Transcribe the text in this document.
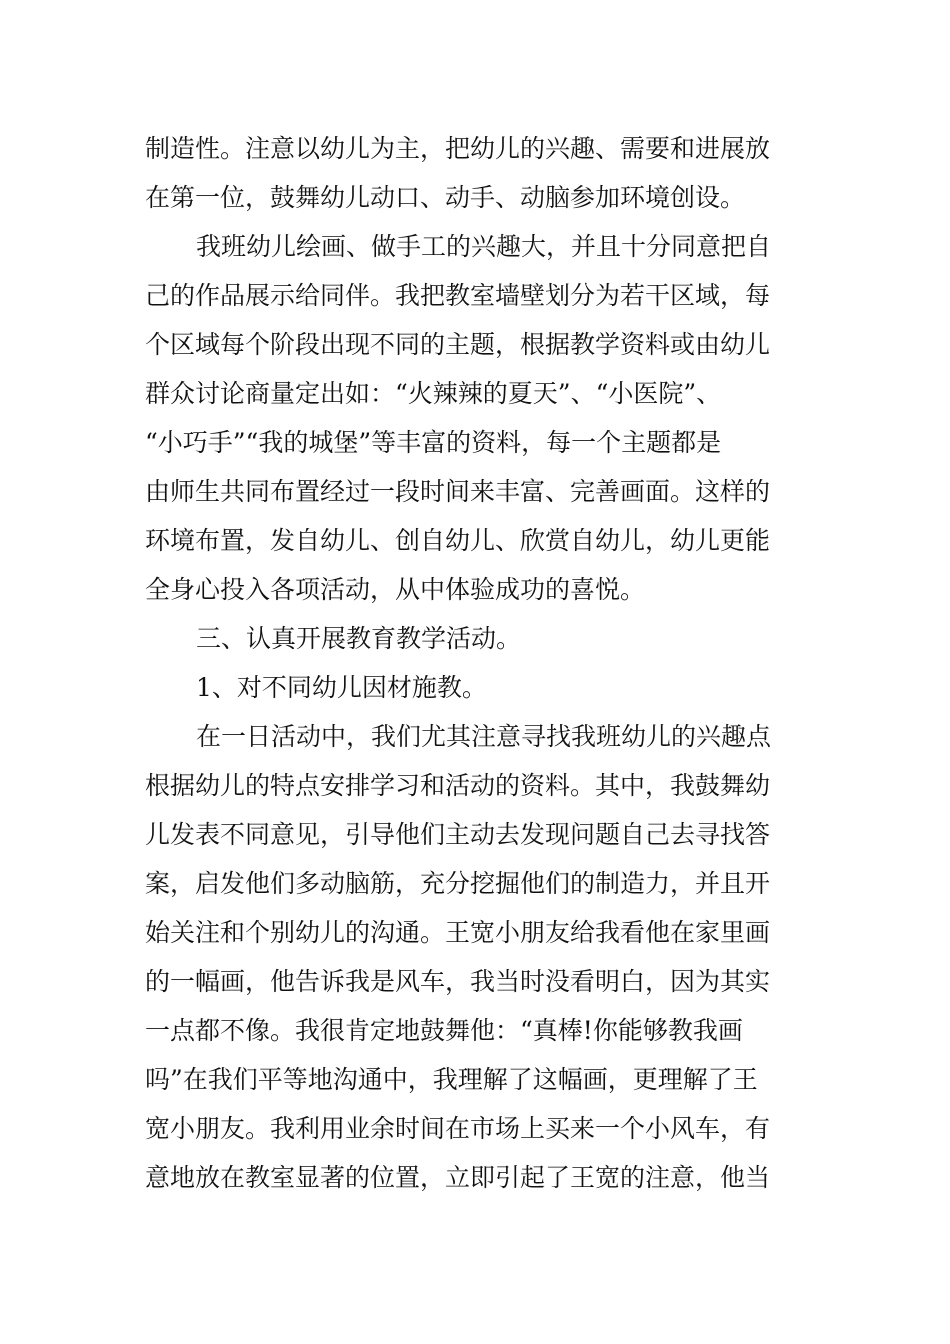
制造性。注意以幼儿为主，把幼儿的兴趣、需要和进展放
在第一位，鼓舞幼儿动口、动手、动脑参加环境创设。
我班幼儿绘画、做手工的兴趣大，并且十分同意把自
己的作品展示给同伴。我把教室墙壁划分为若干区域，每
个区域每个阶段出现不同的主题，根据教学资料或由幼儿
群众讨论商量定出如：“火辣辣的夏天”、“小医院”、
“小巧手”“我的城堡”等丰富的资料，每一个主题都是
由师生共同布置经过一段时间来丰富、完善画面。这样的
环境布置，发自幼儿、创自幼儿、欣赏自幼儿，幼儿更能
全身心投入各项活动，从中体验成功的喜悦。
三、认真开展教育教学活动。
1、对不同幼儿因材施教。
在一日活动中，我们尤其注意寻找我班幼儿的兴趣点
根据幼儿的特点安排学习和活动的资料。其中，我鼓舞幼
儿发表不同意见，引导他们主动去发现问题自己去寻找答
案，启发他们多动脑筋，充分挖掘他们的制造力，并且开
始关注和个别幼儿的沟通。王宽小朋友给我看他在家里画
的一幅画，他告诉我是风车，我当时没看明白，因为其实
一点都不像。我很肯定地鼓舞他：“真棒!你能够教我画
吗”在我们平等地沟通中，我理解了这幅画，更理解了王
宽小朋友。我利用业余时间在市场上买来一个小风车，有
意地放在教室显著的位置，立即引起了王宽的注意，他当
